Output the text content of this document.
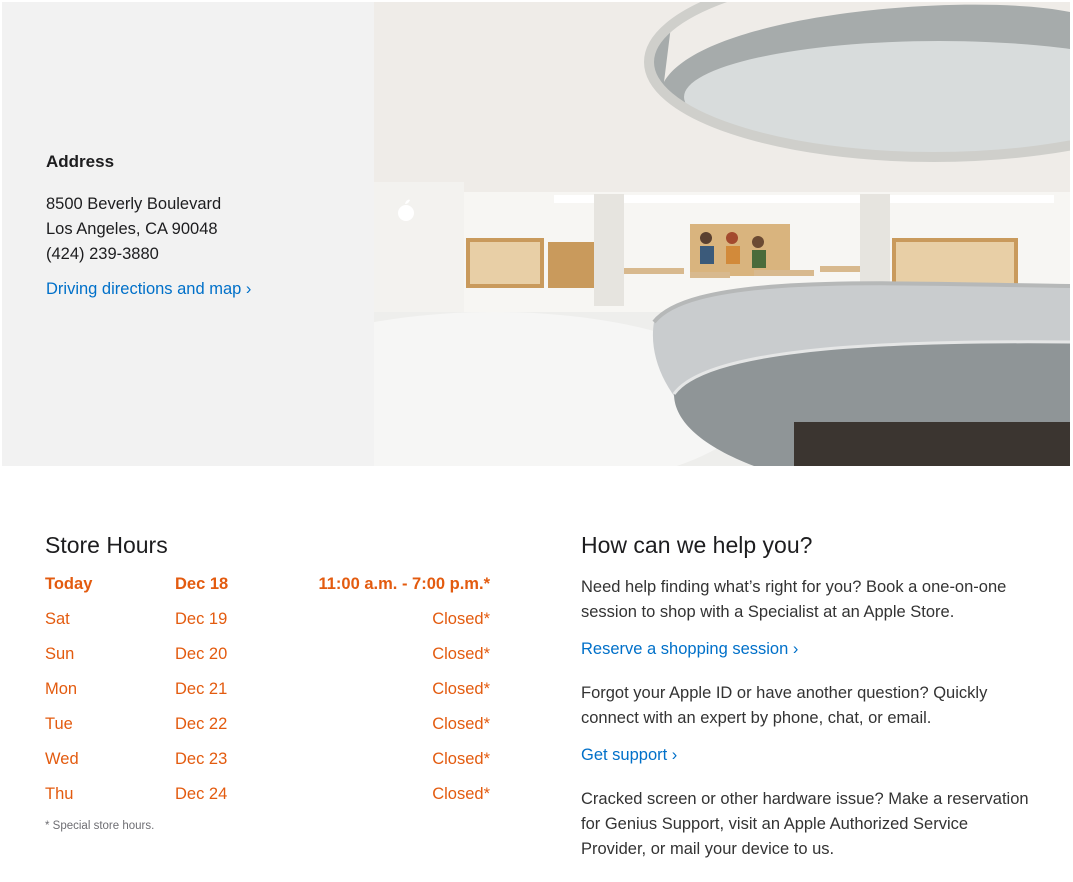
Address
8500 Beverly Boulevard
Los Angeles, CA 90048
(424) 239-3880
Driving directions and map ›
Store Hours
Today	Dec 18	11:00 a.m. - 7:00 p.m.*
Sat	Dec 19	Closed*
Sun	Dec 20	Closed*
Mon	Dec 21	Closed*
Tue	Dec 22	Closed*
Wed	Dec 23	Closed*
Thu	Dec 24	Closed*
* Special store hours.
How can we help you?
Need help finding what’s right for you? Book a one-on-one session to shop with a Specialist at an Apple Store.
Reserve a shopping session ›
Forgot your Apple ID or have another question? Quickly connect with an expert by phone, chat, or email.
Get support ›
Cracked screen or other hardware issue? Make a reservation for Genius Support, visit an Apple Authorized Service Provider, or mail your device to us.
